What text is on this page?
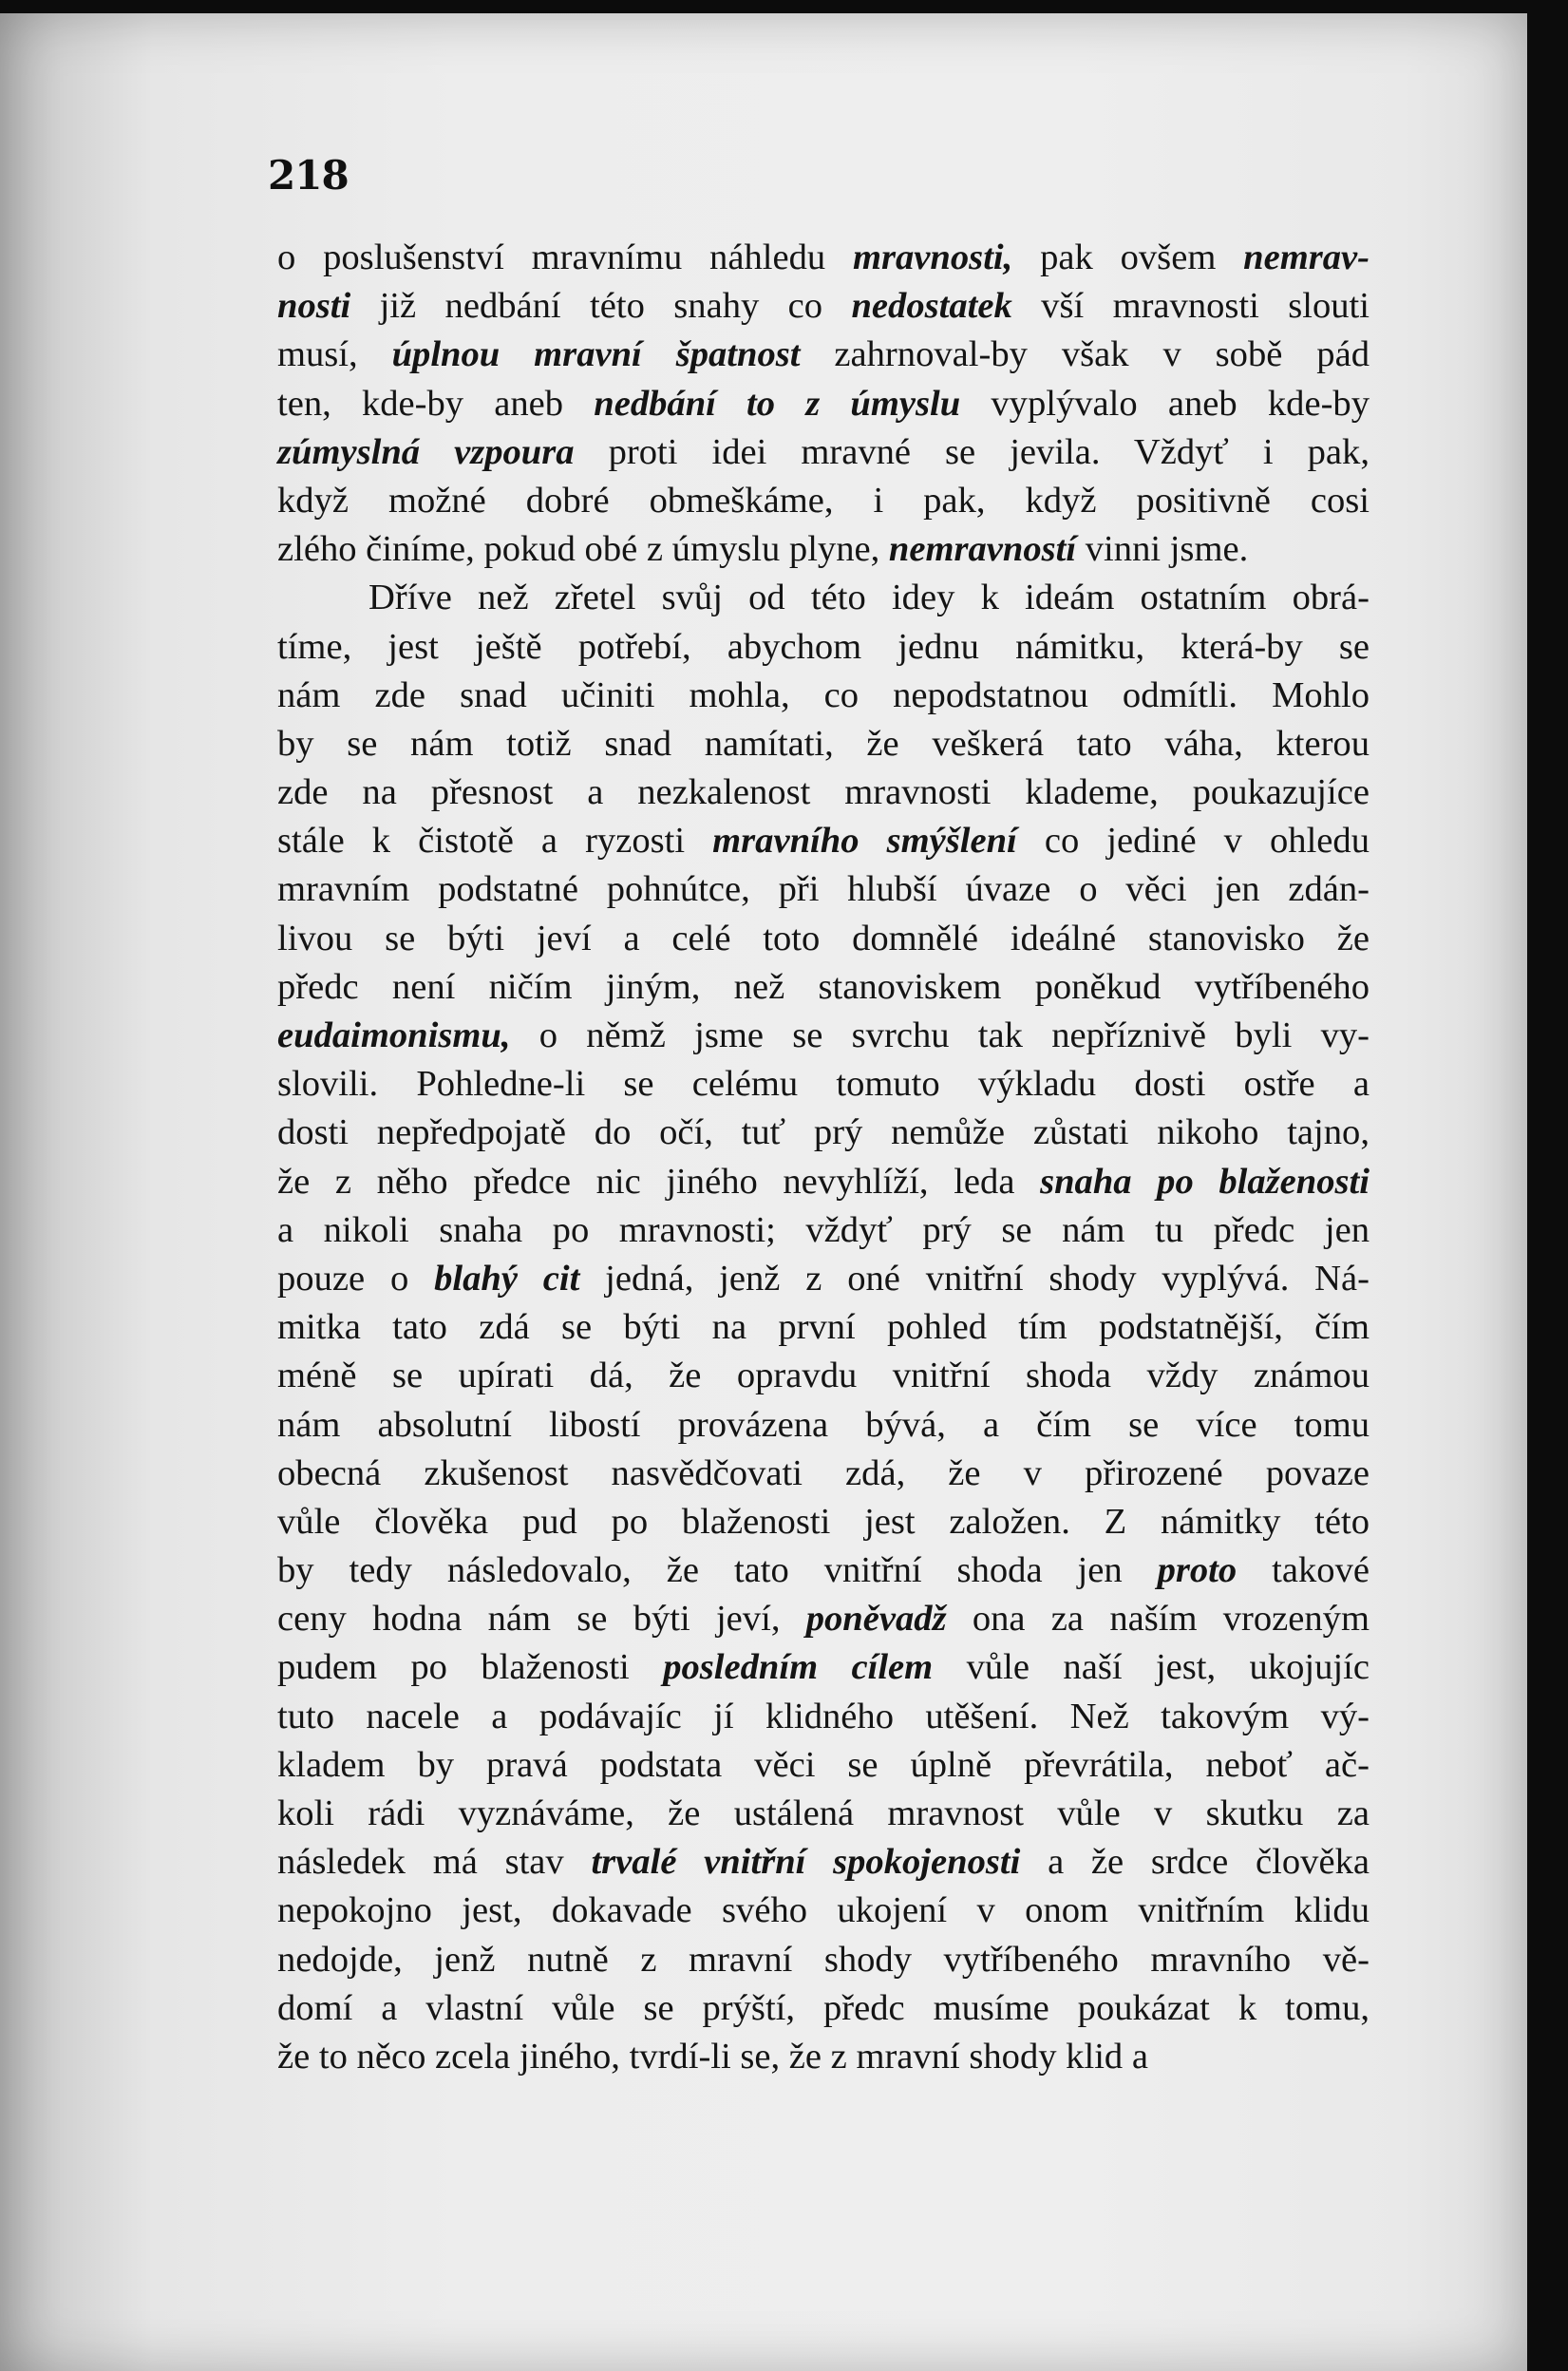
218
o poslušenství mravnímu náhledu mravnosti, pak ovšem nemrav-
nosti již nedbání této snahy co nedostatek vší mravnosti slouti
musí, úplnou mravní špatnost zahrnoval-by však v sobě pád
ten, kde-by aneb nedbání to z úmyslu vyplývalo aneb kde-by
zúmyslná vzpoura proti idei mravné se jevila. Vždyť i pak,
když možné dobré obmeškáme, i pak, když positivně cosi
zlého činíme, pokud obé z úmyslu plyne, nemravností vinni jsme.
Dříve než zřetel svůj od této idey k ideám ostatním obrá-
tíme, jest ještě potřebí, abychom jednu námitku, která-by se
nám zde snad učiniti mohla, co nepodstatnou odmítli. Mohlo
by se nám totiž snad namítati, že veškerá tato váha, kterou
zde na přesnost a nezkalenost mravnosti klademe, poukazujíce
stále k čistotě a ryzosti mravního smýšlení co jediné v ohledu
mravním podstatné pohnútce, při hlubší úvaze o věci jen zdán-
livou se býti jeví a celé toto domnělé ideálné stanovisko že
předc není ničím jiným, než stanoviskem poněkud vytříbeného
eudaimonismu, o němž jsme se svrchu tak nepříznivě byli vy-
slovili. Pohledne-li se celému tomuto výkladu dosti ostře a
dosti nepředpojatě do očí, tuť prý nemůže zůstati nikoho tajno,
že z něho předce nic jiného nevyhlíží, leda snaha po blaženosti
a nikoli snaha po mravnosti; vždyť prý se nám tu předc jen
pouze o blahý cit jedná, jenž z oné vnitřní shody vyplývá. Ná-
mitka tato zdá se býti na první pohled tím podstatnější, čím
méně se upírati dá, že opravdu vnitřní shoda vždy známou
nám absolutní libostí provázena bývá, a čím se více tomu
obecná zkušenost nasvědčovati zdá, že v přirozené povaze
vůle člověka pud po blaženosti jest založen. Z námitky této
by tedy následovalo, že tato vnitřní shoda jen proto takové
ceny hodna nám se býti jeví, poněvadž ona za naším vrozeným
pudem po blaženosti posledním cílem vůle naší jest, ukojujíc
tuto nacele a podávajíc jí klidného utěšení. Než takovým vý-
kladem by pravá podstata věci se úplně převrátila, neboť ač-
koli rádi vyznáváme, že ustálená mravnost vůle v skutku za
následek má stav trvalé vnitřní spokojenosti a že srdce člověka
nepokojno jest, dokavade svého ukojení v onom vnitřním klidu
nedojde, jenž nutně z mravní shody vytříbeného mravního vě-
domí a vlastní vůle se prýští, předc musíme poukázat k tomu,
že to něco zcela jiného, tvrdí-li se, že z mravní shody klid a
